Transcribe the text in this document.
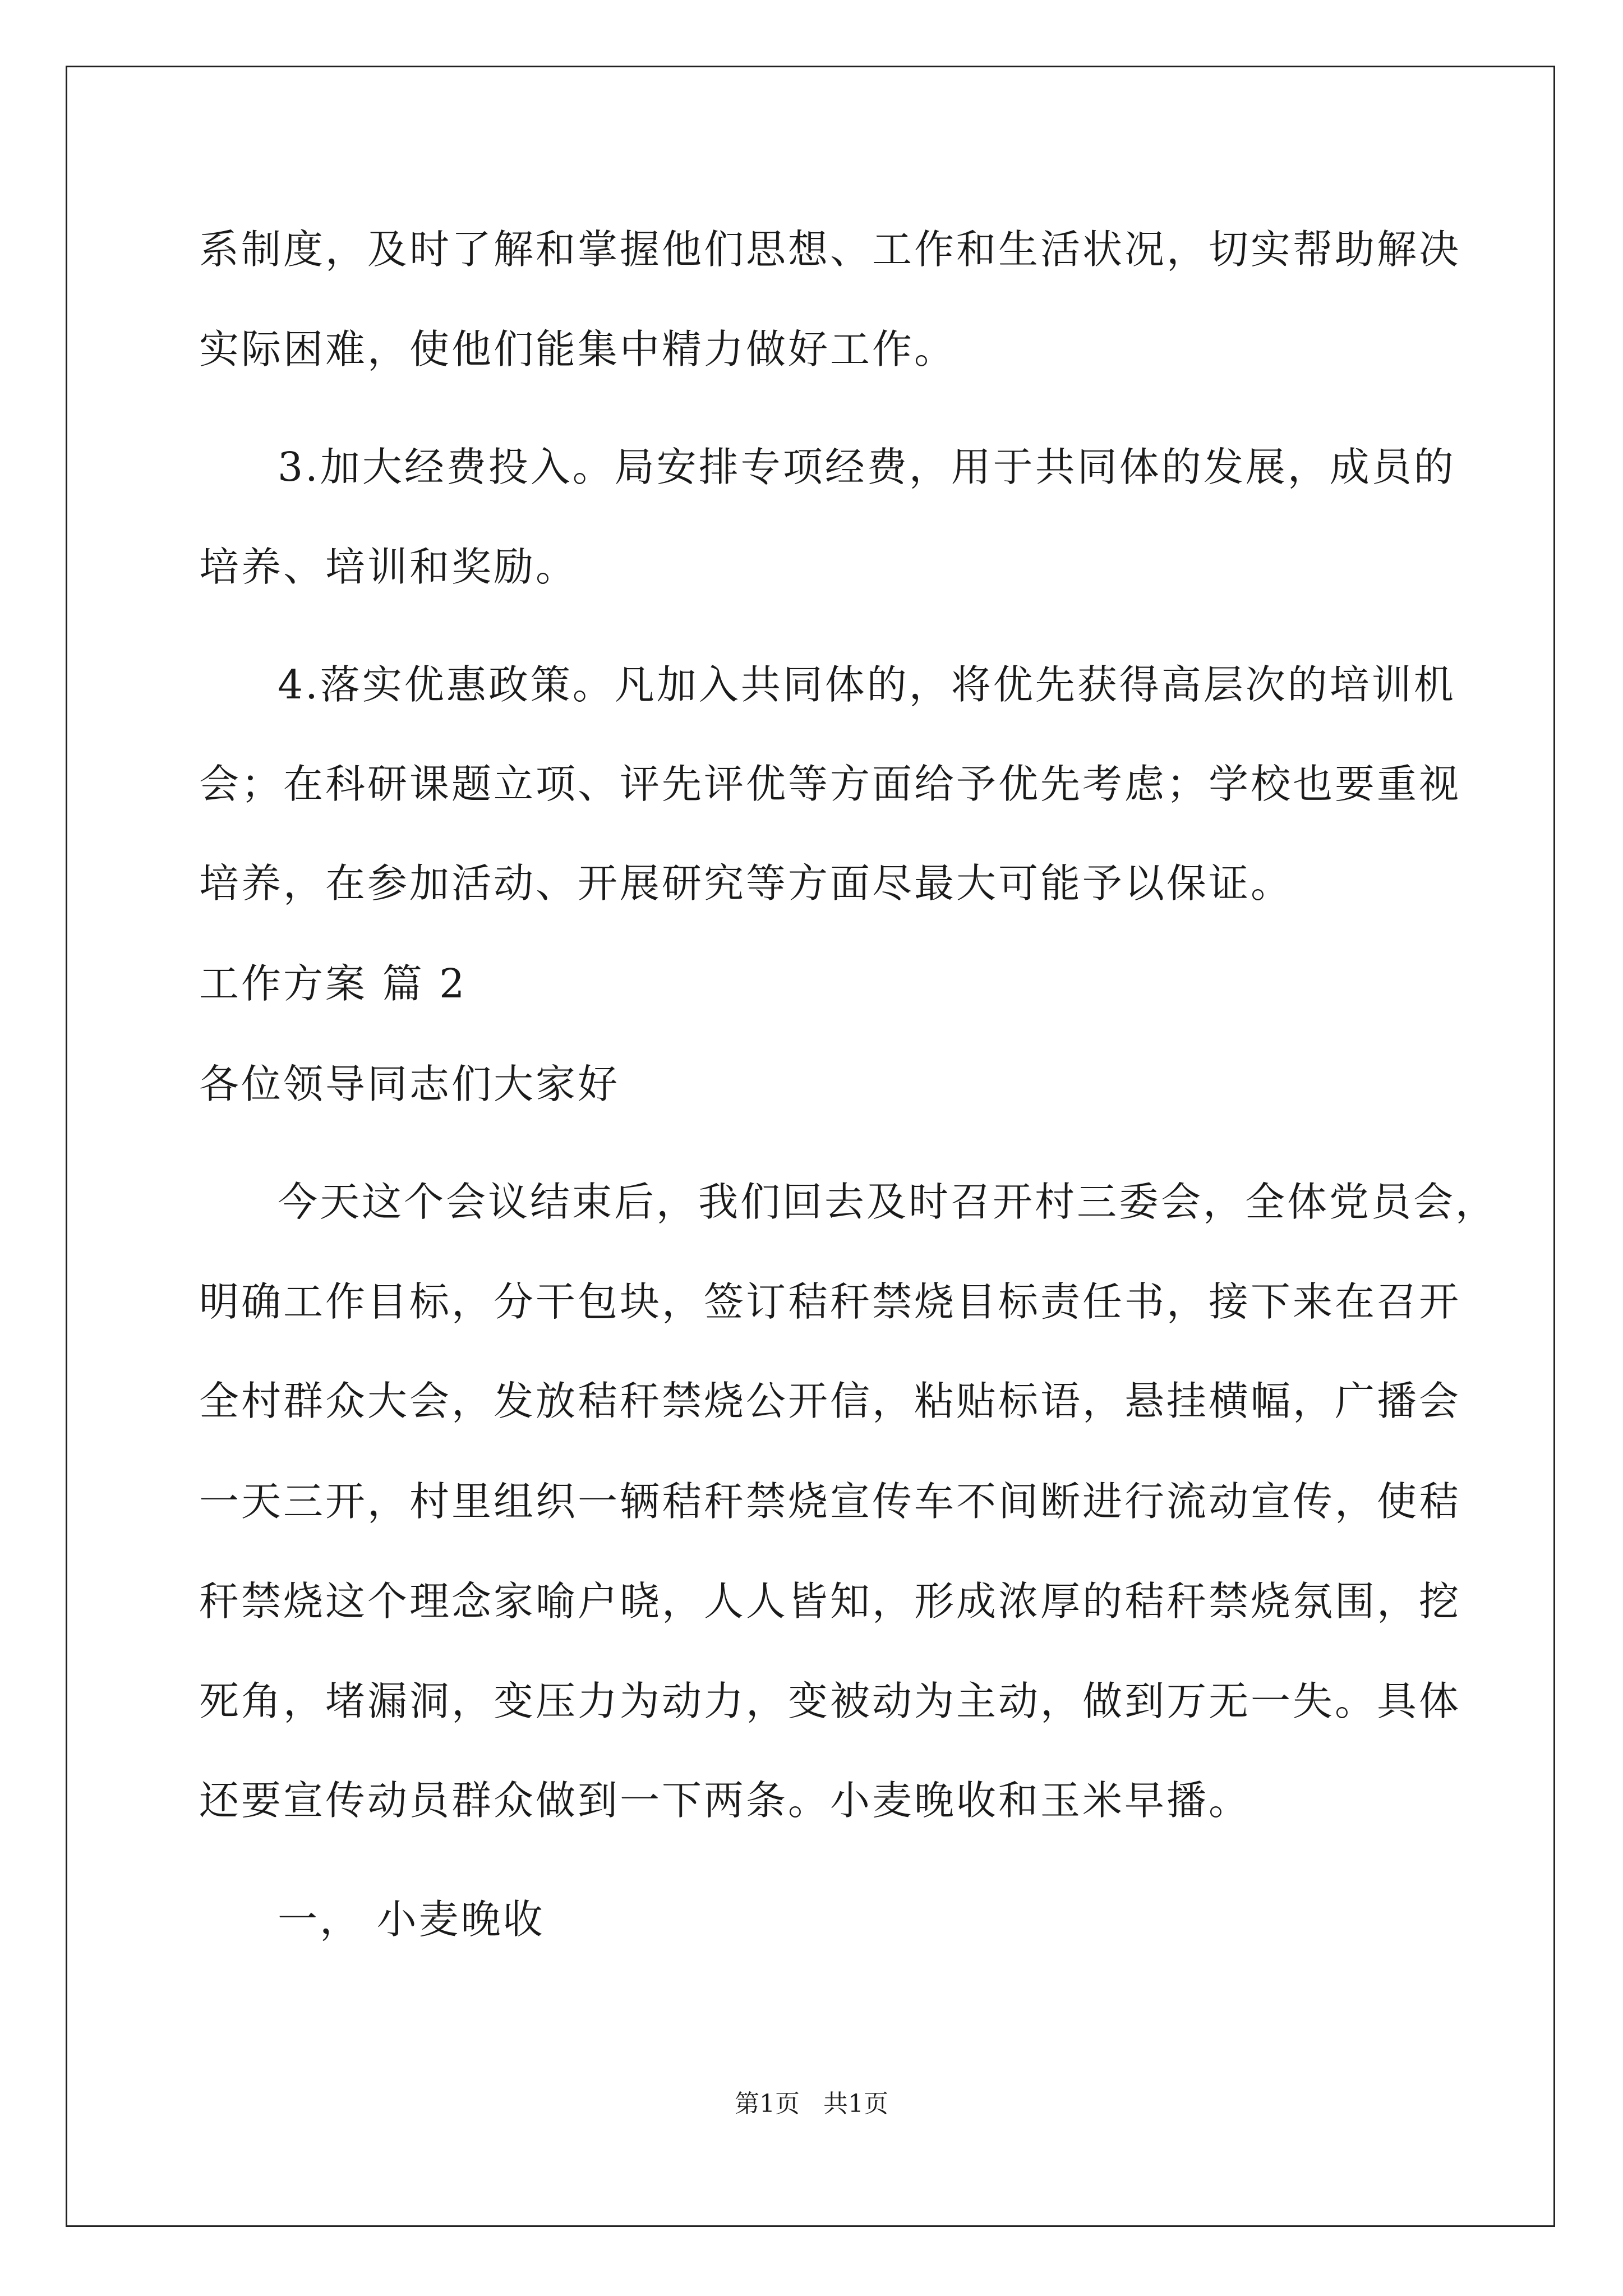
系制度，及时了解和掌握他们思想、工作和生活状况，切实帮助解决
实际困难，使他们能集中精力做好工作。
3.加大经费投入。局安排专项经费，用于共同体的发展，成员的
培养、培训和奖励。
4.落实优惠政策。凡加入共同体的，将优先获得高层次的培训机
会；在科研课题立项、评先评优等方面给予优先考虑；学校也要重视
培养，在参加活动、开展研究等方面尽最大可能予以保证。
工作方案 篇 2
各位领导同志们大家好
今天这个会议结束后，我们回去及时召开村三委会，全体党员会，
明确工作目标，分干包块，签订秸秆禁烧目标责任书，接下来在召开
全村群众大会，发放秸秆禁烧公开信，粘贴标语，悬挂横幅，广播会
一天三开，村里组织一辆秸秆禁烧宣传车不间断进行流动宣传，使秸
秆禁烧这个理念家喻户晓，人人皆知，形成浓厚的秸秆禁烧氛围，挖
死角，堵漏洞，变压力为动力，变被动为主动，做到万无一失。具体
还要宣传动员群众做到一下两条。小麦晚收和玉米早播。
一， 小麦晚收
第1页   共1页
